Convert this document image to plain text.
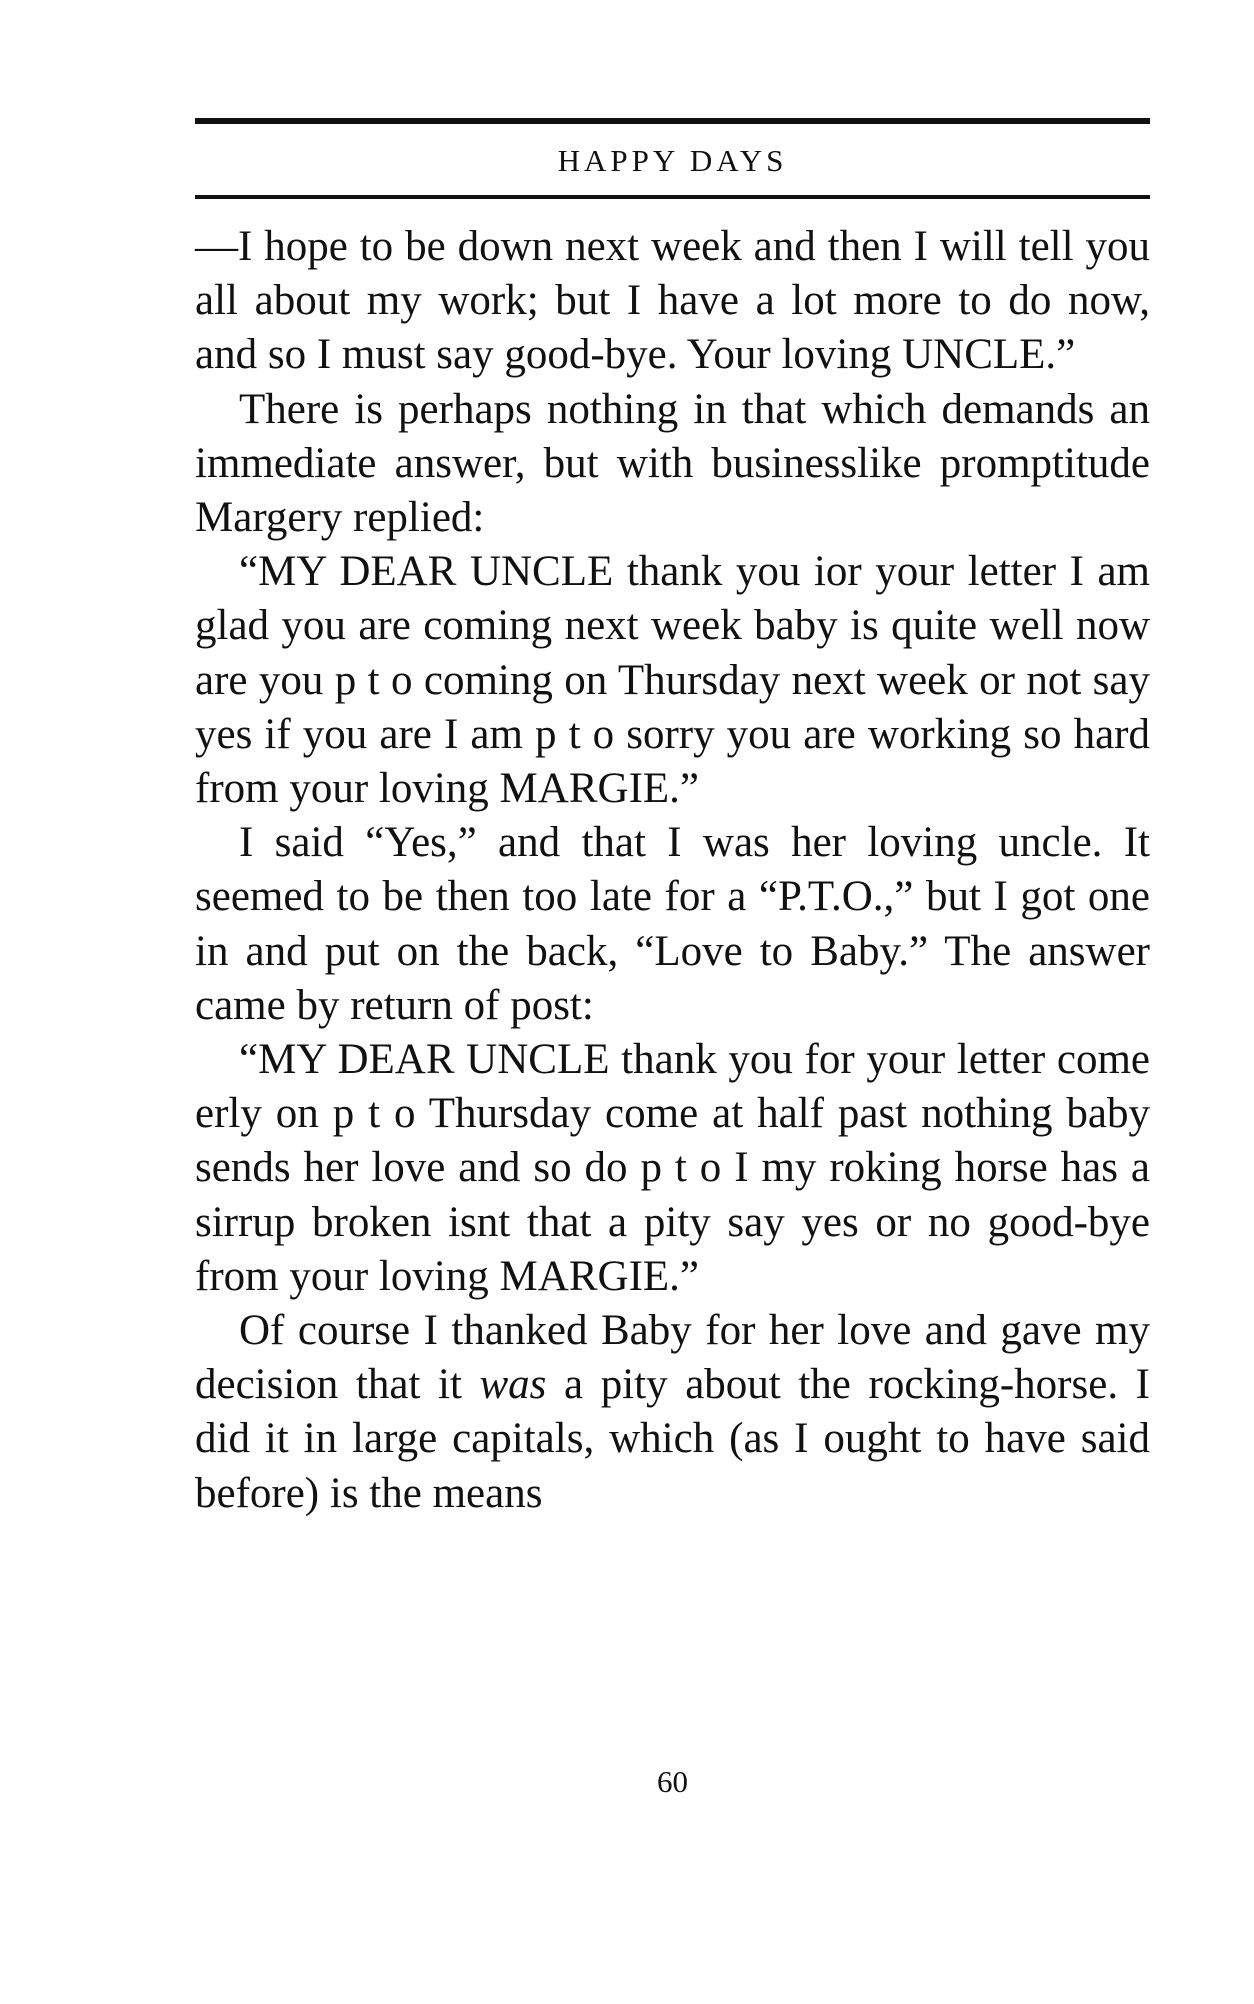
HAPPY DAYS

—I hope to be down next week and then I will tell you all about my work; but I have a lot more to do now, and so I must say good-bye. Your loving UNCLE.”

There is perhaps nothing in that which demands an immediate answer, but with businesslike promptitude Margery replied:

“MY DEAR UNCLE thank you ior your letter I am glad you are coming next week baby is quite well now are you p t o coming on Thursday next week or not say yes if you are I am p t o sorry you are working so hard from your loving MARGIE.”

I said “Yes,” and that I was her loving uncle. It seemed to be then too late for a “P.T.O.,” but I got one in and put on the back, “Love to Baby.” The answer came by return of post:

“MY DEAR UNCLE thank you for your letter come erly on p t o Thursday come at half past nothing baby sends her love and so do p t o I my roking horse has a sirrup broken isnt that a pity say yes or no good-bye from your loving MARGIE.”

Of course I thanked Baby for her love and gave my decision that it was a pity about the rocking-horse. I did it in large capitals, which (as I ought to have said before) is the means

60
